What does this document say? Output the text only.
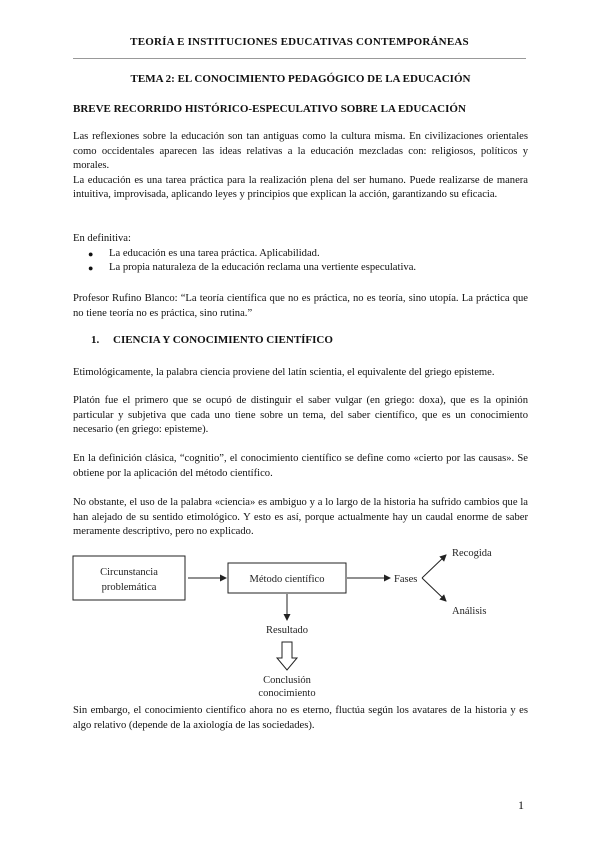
TEORÍA E INSTITUCIONES EDUCATIVAS CONTEMPORÁNEAS
TEMA 2: EL CONOCIMIENTO PEDAGÓGICO DE LA EDUCACIÓN
BREVE RECORRIDO HISTÓRICO-ESPECULATIVO SOBRE LA EDUCACIÓN

Las reflexiones sobre la educación son tan antiguas como la cultura misma. En civilizaciones orientales como occidentales aparecen las ideas relativas a la educación mezcladas con: religiosos, políticos y morales.

La educación es una tarea práctica para la realización plena del ser humano. Puede realizarse de manera intuitiva, improvisada, aplicando leyes y principios que explican la acción, garantizando su eficacia.

En definitiva:

● La educación es una tarea práctica. Aplicabilidad.
● La propia naturaleza de la educación reclama una vertiente especulativa.

Profesor Rufino Blanco: “La teoría científica que no es práctica, no es teoría, sino utopía. La práctica que no tiene teoría no es práctica, sino rutina.”

1. CIENCIA Y CONOCIMIENTO CIENTÍFICO

Etimológicamente, la palabra ciencia proviene del latín scientia, el equivalente del griego episteme.

Platón fue el primero que se ocupó de distinguir el saber vulgar (en griego: doxa), que es la opinión particular y subjetiva que cada uno tiene sobre un tema, del saber científico, que es un conocimiento necesario (en griego: episteme).

En la definición clásica, “cognitio”, el conocimiento científico se define como «cierto por las causas». Se obtiene por la aplicación del método científico.

No obstante, el uso de la palabra «ciencia» es ambiguo y a lo largo de la historia ha sufrido cambios que la han alejado de su sentido etimológico. Y esto es así, porque actualmente hay un caudal enorme de saber meramente descriptivo, pero no explicado.

Sin embargo, el conocimiento científico ahora no es eterno, fluctúa según los avatares de la historia y es algo relativo (depende de la axiología de las sociedades).

Circunstancia
problemática
Método científico	Fases
Recogida
Análisis
Resultado
Conclusión
conocimiento
1
